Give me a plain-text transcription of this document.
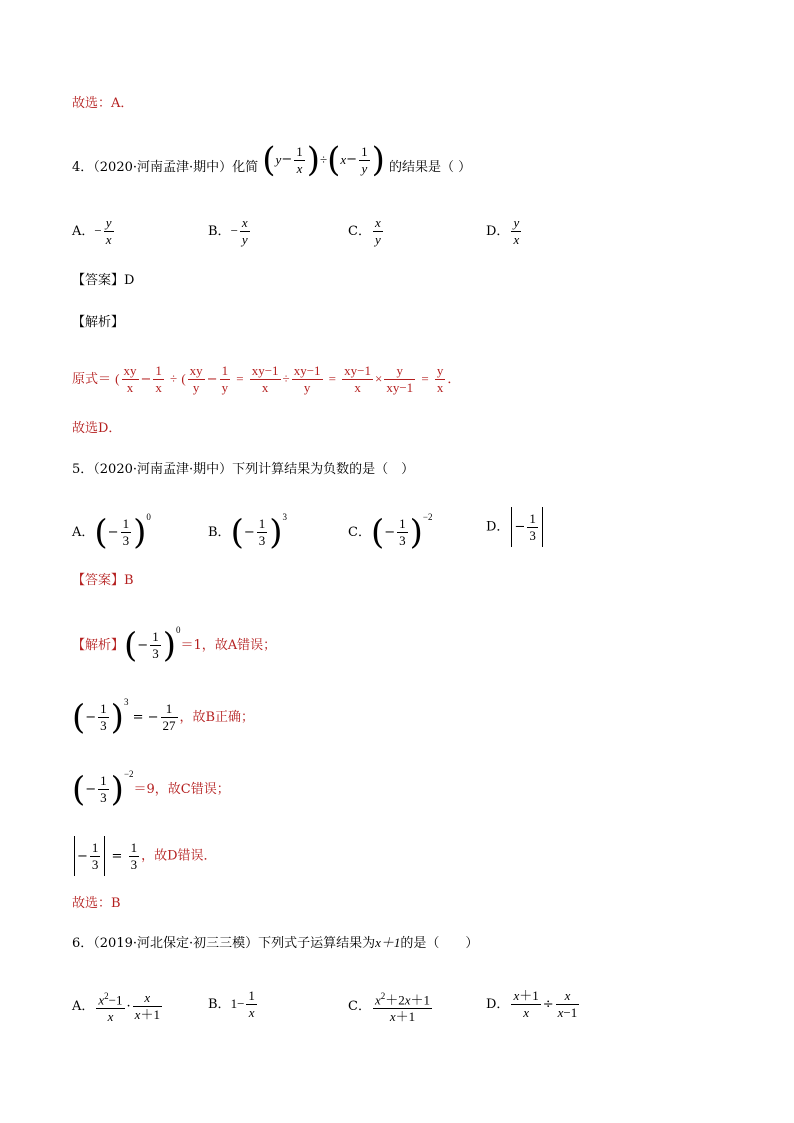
故选：A．
4．（2020·河南孟津·期中）化简 ( $y - \frac{1}{x}$ ) ÷ ( $x - \frac{1}{y}$ ) 的结果是（ ）
A．− $\frac{y}{x}$	B．− $\frac{x}{y}$	C． $\frac{x}{y}$	D． $\frac{y}{x}$
【答案】D
【解析】
原式＝ ( $\frac{xy}{x} - \frac{1}{x}$ ÷ ( $\frac{xy}{y} - \frac{1}{y} = \frac{xy-1}{x} \div \frac{xy-1}{y} = \frac{xy-1}{x} \times \frac{y}{xy-1} = \frac{y}{x}$ ．
故选D．
5．（2020·河南孟津·期中）下列计算结果为负数的是（　）
A．(− $\frac{1}{3} )^0$
B．(− $\frac{1}{3} )^3$
C．(− $\frac{1}{3} )^{-2}$
D． − $\frac{1}{3}$
【答案】B
【解析】(− $\frac{1}{3} )^0=1$，故A错误；
(− $\frac{1}{3} )^3$ = − $\frac{1}{27}$ ，故B正确；
(− $\frac{1}{3} )^{-2}=9$，故C错误；
− $\frac{1}{3} = \frac{1}{3}$ ，故D错误．
故选：B
6．（2019·河北保定·初三三模）下列式子运算结果为x＋1的是（　　）
A． $\frac{x^2-1}{x} \cdot \frac{x}{x+1}$	B．$1- \frac{1}{x}$	C． $\frac{x^2+2x+1}{x+1}$	D． $\frac{x+1}{x} \div \frac{x}{x-1}$
